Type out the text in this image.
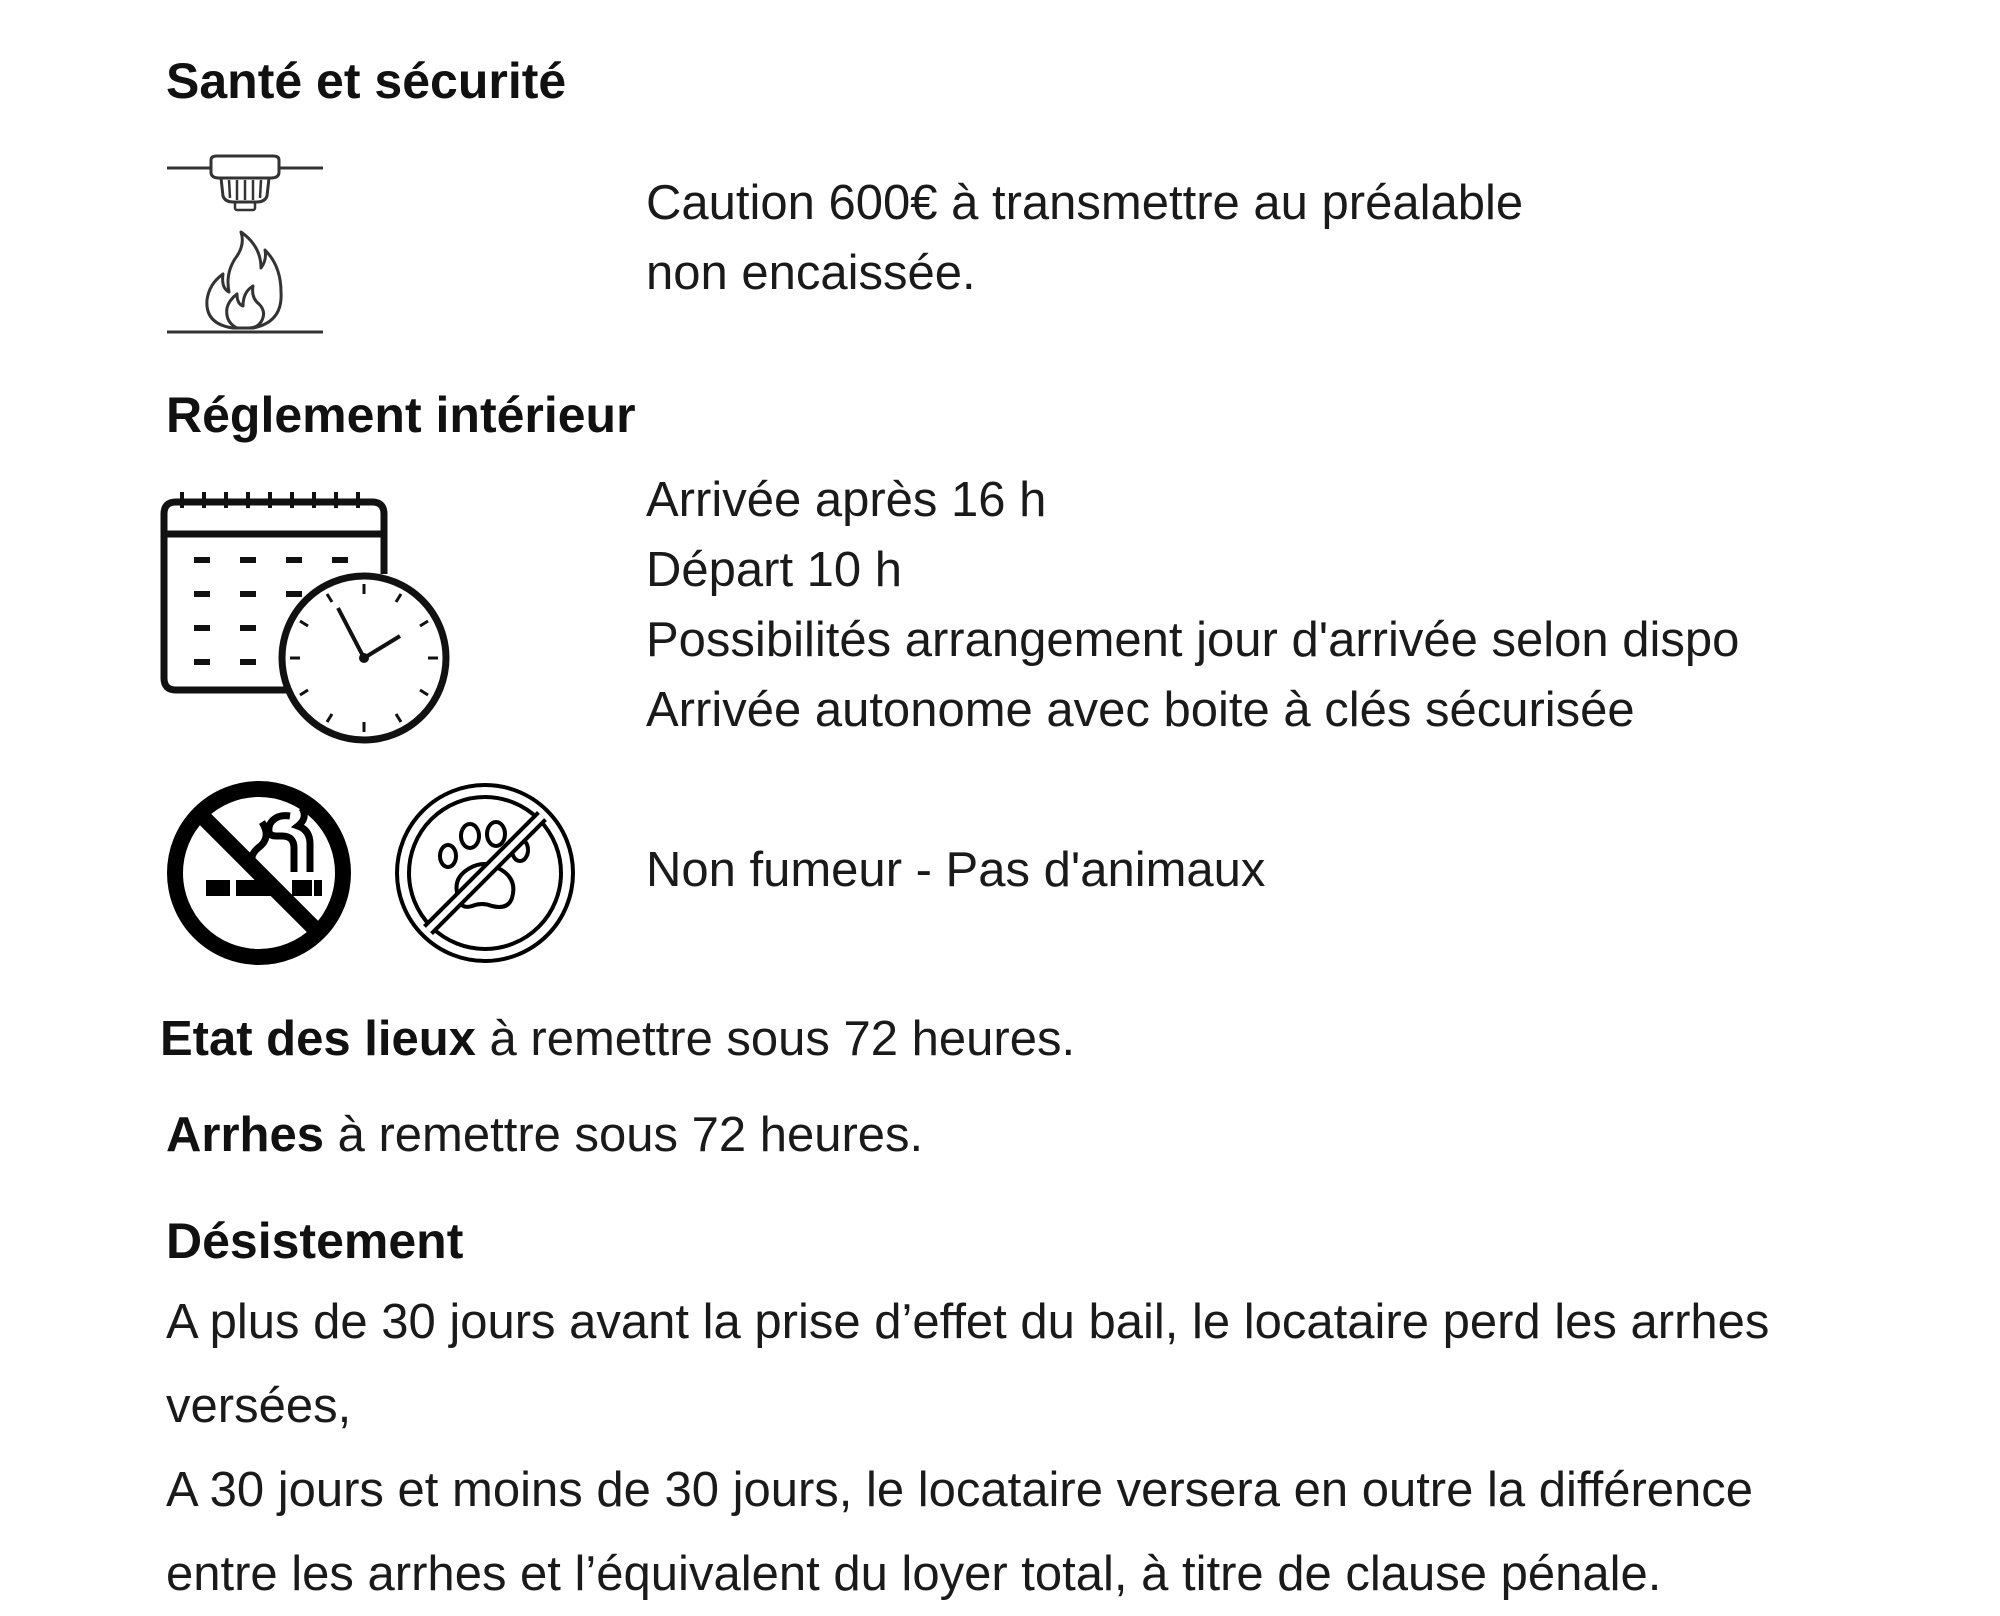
Santé et sécurité
Caution 600€ à transmettre au préalable
non encaissée.
Réglement intérieur
Arrivée après 16 h
Départ 10 h
Possibilités arrangement jour d'arrivée selon dispo
Arrivée autonome avec boite à clés sécurisée
Non fumeur - Pas d'animaux
Etat des lieux à remettre sous 72 heures.
Arrhes à remettre sous 72 heures.
Désistement
A plus de 30 jours avant la prise d’effet du bail, le locataire perd les arrhes
versées,
A 30 jours et moins de 30 jours, le locataire versera en outre la différence
entre les arrhes et l’équivalent du loyer total, à titre de clause pénale.
